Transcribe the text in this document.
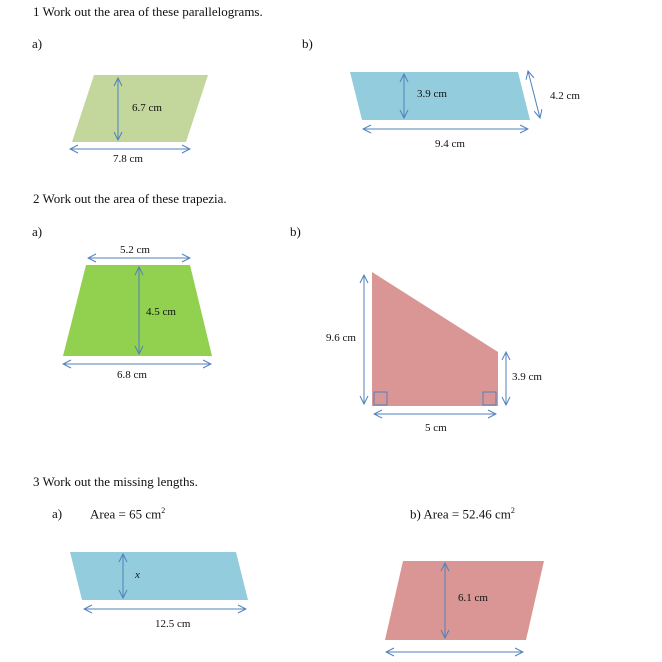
1 Work out the area of these parallelograms.
a)	b)
2 Work out the area of these trapezia.
a)	b)
3 Work out the missing lengths.
a) Area = 65 $cm^2$	b) Area = 52.46 $cm^2$
6.7 cm
7.8 cm
3.9 cm	4.2 cm
9.4 cm
5.2 cm
4.5 cm
6.8 cm
9.6 cm
3.9 cm
5 cm
x
12.5 cm
6.1 cm
